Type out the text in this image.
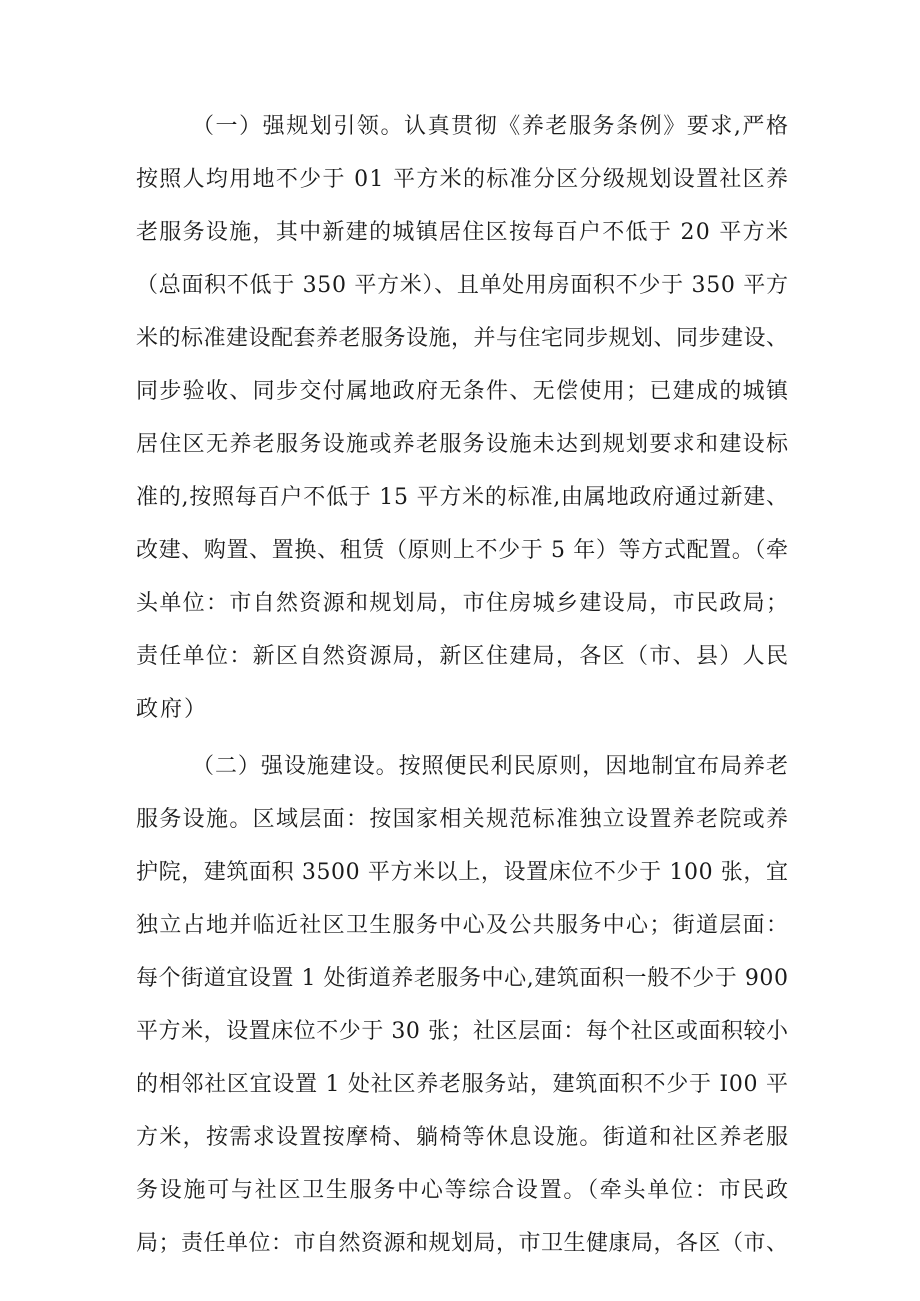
（一）强规划引领。认真贯彻《养老服务条例》要求,严格
按照人均用地不少于 01 平方米的标准分区分级规划设置社区养
老服务设施，其中新建的城镇居住区按每百户不低于 20 平方米
（总面积不低于 350 平方米）、且单处用房面积不少于 350 平方
米的标准建设配套养老服务设施，并与住宅同步规划、同步建设、
同步验收、同步交付属地政府无条件、无偿使用；已建成的城镇
居住区无养老服务设施或养老服务设施未达到规划要求和建设标
准的,按照每百户不低于 15 平方米的标准,由属地政府通过新建、
改建、购置、置换、租赁（原则上不少于 5 年）等方式配置。（牵
头单位：市自然资源和规划局，市住房城乡建设局，市民政局；
责任单位：新区自然资源局，新区住建局，各区（市、县）人民
政府）
（二）强设施建设。按照便民利民原则，因地制宜布局养老
服务设施。区域层面：按国家相关规范标准独立设置养老院或养
护院，建筑面积 3500 平方米以上，设置床位不少于 100 张，宜
独立占地并临近社区卫生服务中心及公共服务中心；街道层面：
每个街道宜设置 1 处街道养老服务中心,建筑面积一般不少于 900
平方米，设置床位不少于 30 张；社区层面：每个社区或面积较小
的相邻社区宜设置 1 处社区养老服务站，建筑面积不少于 I00 平
方米，按需求设置按摩椅、躺椅等休息设施。街道和社区养老服
务设施可与社区卫生服务中心等综合设置。（牵头单位：市民政
局；责任单位：市自然资源和规划局，市卫生健康局，各区（市、
